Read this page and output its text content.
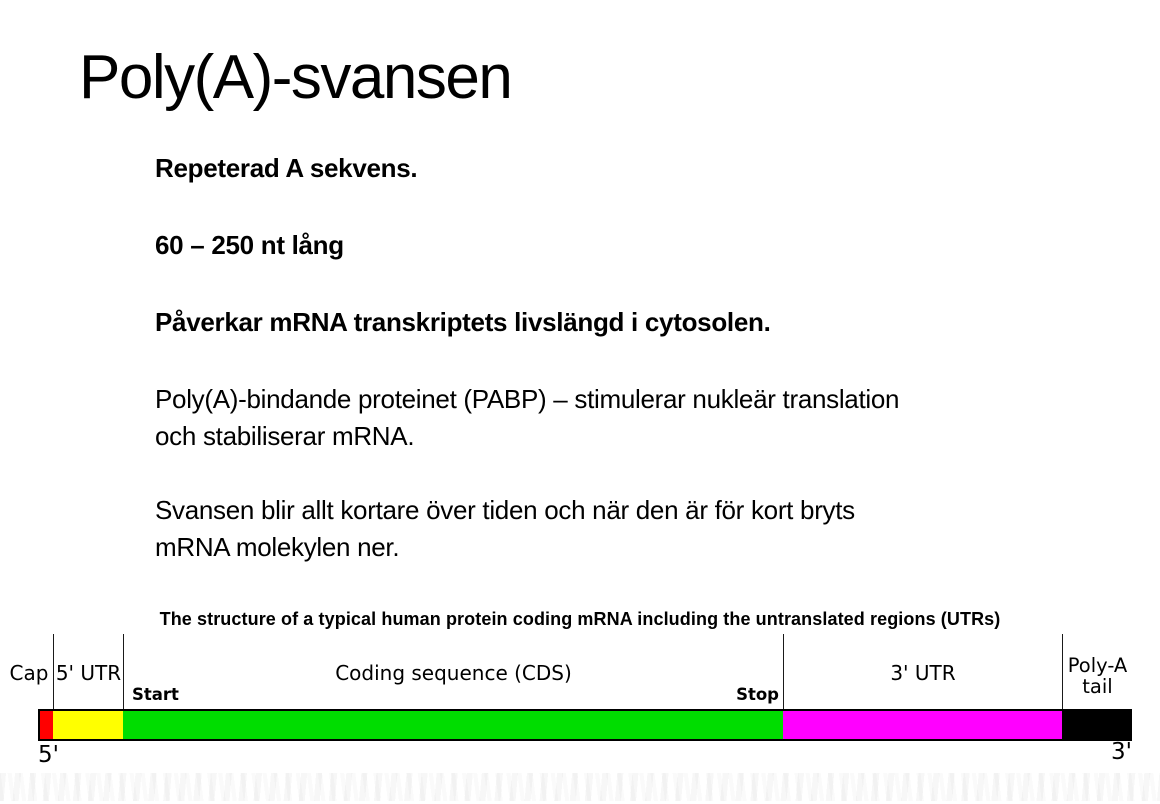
Poly(A)-svansen
Repeterad A sekvens.
60 – 250 nt lång
Påverkar mRNA transkriptets livslängd i cytosolen.
Poly(A)-bindande proteinet (PABP) – stimulerar nukleär translation
och stabiliserar mRNA.
Svansen blir allt kortare över tiden och när den är för kort bryts
mRNA molekylen ner.
The structure of a typical human protein coding mRNA including the untranslated regions (UTRs)
Cap 5' UTR	Coding sequence (CDS)	3' UTR	Poly-A tail
Start	Stop
5'	3'
